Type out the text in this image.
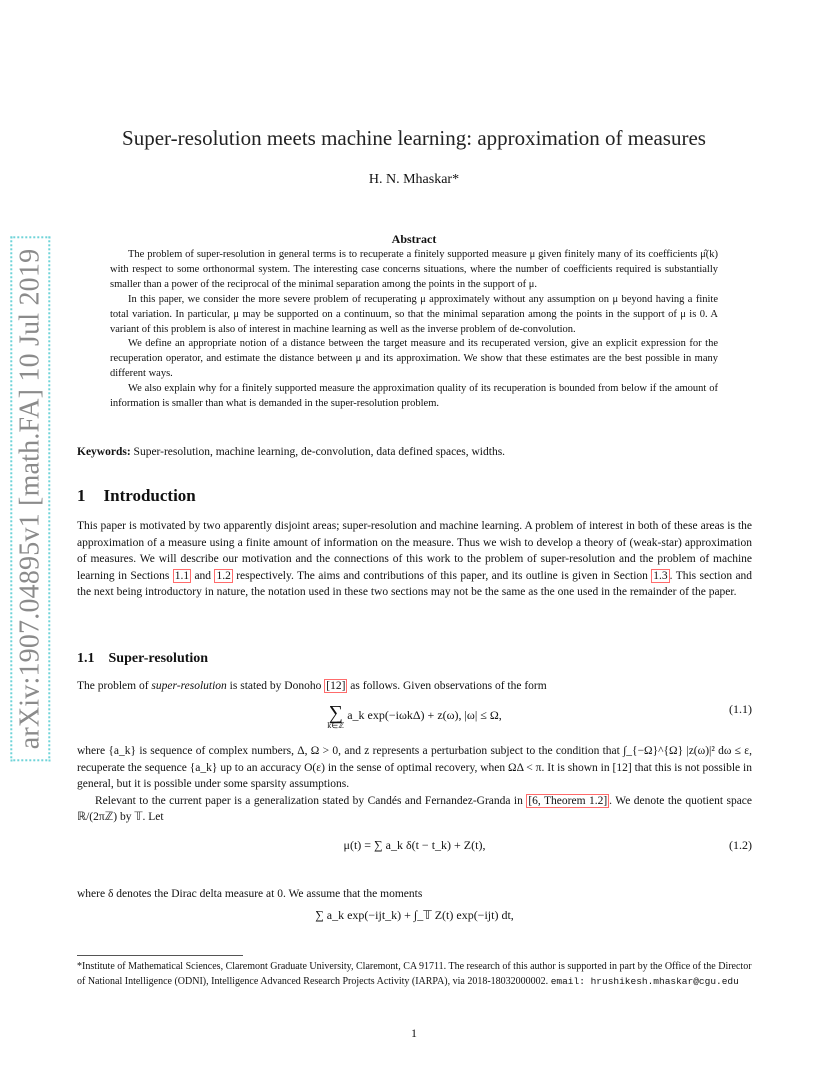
arXiv:1907.04895v1 [math.FA] 10 Jul 2019
Super-resolution meets machine learning: approximation of measures
H. N. Mhaskar*
Abstract

The problem of super-resolution in general terms is to recuperate a finitely supported measure μ given finitely many of its coefficients μ̂(k) with respect to some orthonormal system. The interesting case concerns situations, where the number of coefficients required is substantially smaller than a power of the reciprocal of the minimal separation among the points in the support of μ.

In this paper, we consider the more severe problem of recuperating μ approximately without any assumption on μ beyond having a finite total variation. In particular, μ may be supported on a continuum, so that the minimal separation among the points in the support of μ is 0. A variant of this problem is also of interest in machine learning as well as the inverse problem of de-convolution.

We define an appropriate notion of a distance between the target measure and its recuperated version, give an explicit expression for the recuperation operator, and estimate the distance between μ and its approximation. We show that these estimates are the best possible in many different ways.

We also explain why for a finitely supported measure the approximation quality of its recuperation is bounded from below if the amount of information is smaller than what is demanded in the super-resolution problem.

Keywords: Super-resolution, machine learning, de-convolution, data defined spaces, widths.
1 Introduction

This paper is motivated by two apparently disjoint areas; super-resolution and machine learning. A problem of interest in both of these areas is the approximation of a measure using a finite amount of information on the measure. Thus we wish to develop a theory of (weak-star) approximation of measures. We will describe our motivation and the connections of this work to the problem of super-resolution and the problem of machine learning in Sections 1.1 and 1.2 respectively. The aims and contributions of this paper, and its outline is given in Section 1.3 . This section and the next being introductory in nature, the notation used in these two sections may not be the same as the one used in the remainder of the paper.

1.1 Super-resolution

The problem of super-resolution is stated by Donoho [12] as follows. Given observations of the form

∑
k∈ℤ
a_k exp(−iωkΔ) + z(ω), |ω| ≤ Ω,	(1.1)

where {a_k} is sequence of complex numbers, Δ, Ω > 0, and z represents a perturbation subject to the condition that ∫_{−Ω}^{Ω} |z(ω)|² dω ≤ ε, recuperate the sequence {a_k} up to an accuracy O(ε) in the sense of optimal recovery, when ΩΔ < π. It is shown in [12] that this is not possible in general, but it is possible under some sparsity assumptions.

Relevant to the current paper is a generalization stated by Candés and Fernandez-Granda in [6, Theorem 1.2] . We denote the quotient space ℝ/(2πℤ) by 𝕋. Let

μ(t) = ∑ a_k δ(t − t_k) + Z(t),	(1.2)

where δ denotes the Dirac delta measure at 0. We assume that the moments

∑ a_k exp(−ijt_k) + ∫_𝕋 Z(t) exp(−ijt) dt,
*Institute of Mathematical Sciences, Claremont Graduate University, Claremont, CA 91711. The research of this author is supported in part by the Office of the Director of National Intelligence (ODNI), Intelligence Advanced Research Projects Activity (IARPA), via 2018-18032000002. email: hrushikesh.mhaskar@cgu.edu
1
